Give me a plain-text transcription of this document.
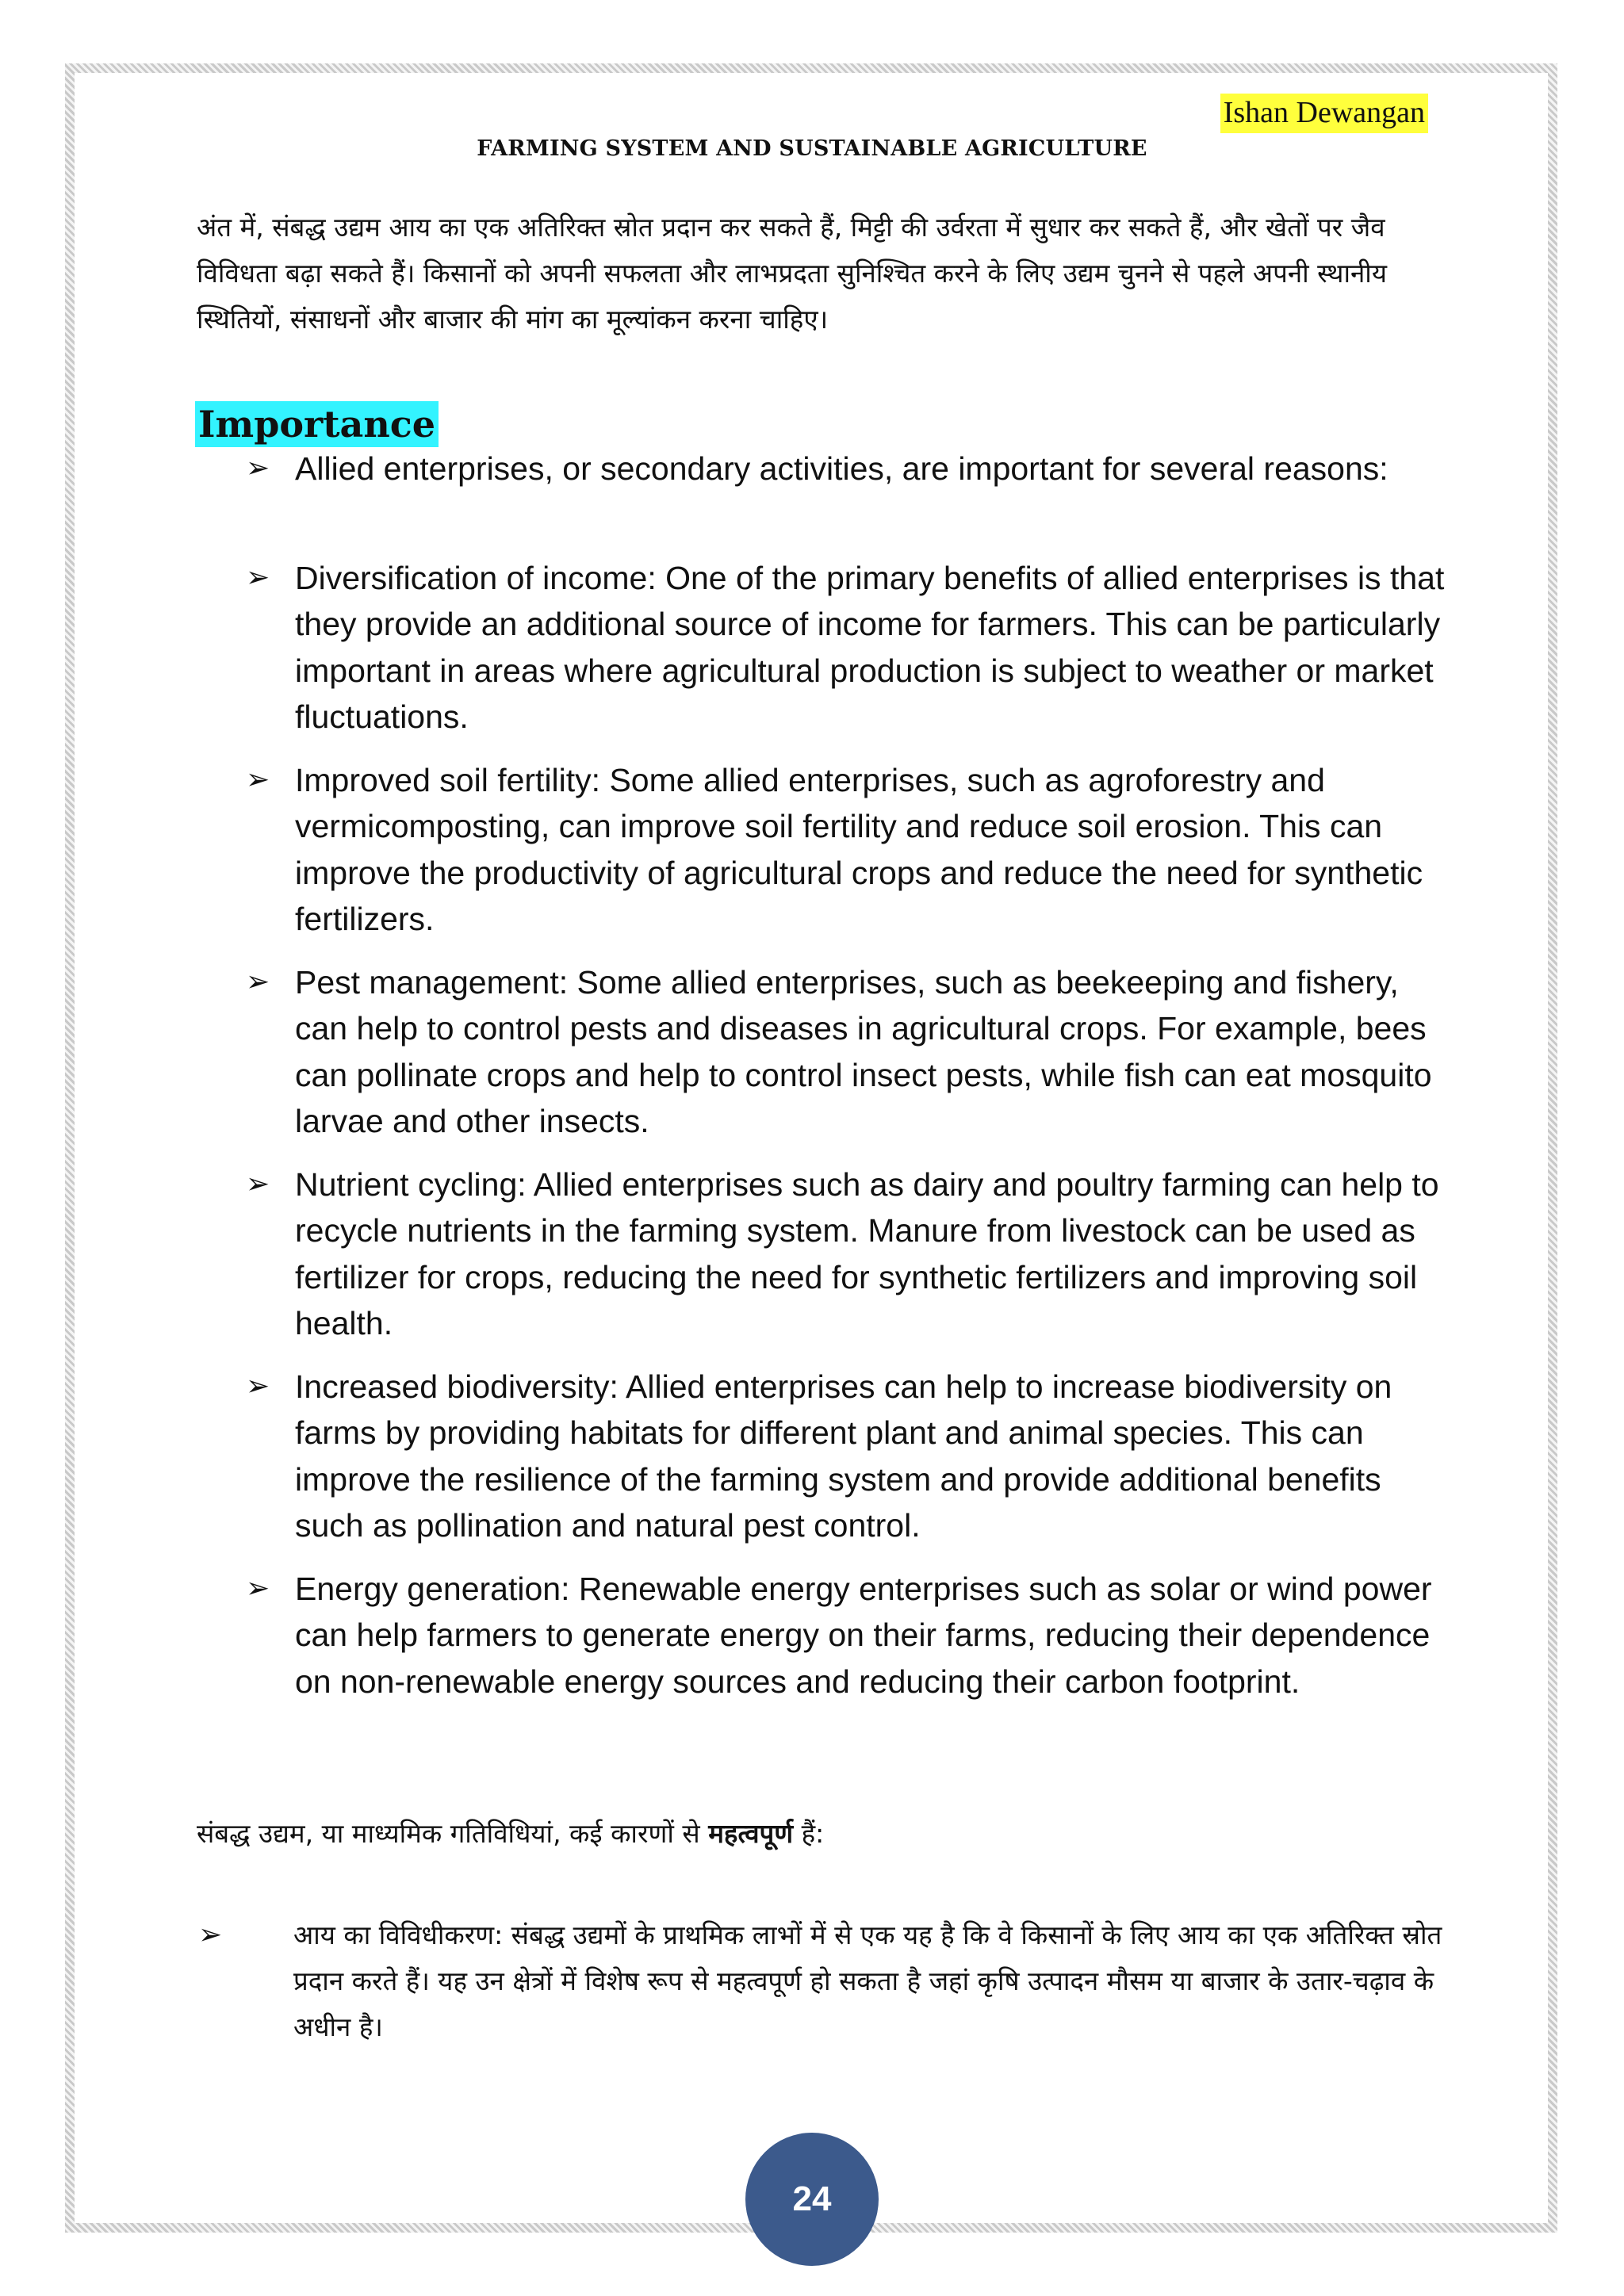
Ishan Dewangan
FARMING SYSTEM AND SUSTAINABLE AGRICULTURE
अंत में, संबद्ध उद्यम आय का एक अतिरिक्त स्रोत प्रदान कर सकते हैं, मिट्टी की उर्वरता में सुधार कर सकते हैं, और खेतों पर जैव विविधता बढ़ा सकते हैं। किसानों को अपनी सफलता और लाभप्रदता सुनिश्चित करने के लिए उद्यम चुनने से पहले अपनी स्थानीय स्थितियों, संसाधनों और बाजार की मांग का मूल्यांकन करना चाहिए।
Importance
➢ Allied enterprises, or secondary activities, are important for several reasons:
➢ Diversification of income: One of the primary benefits of allied enterprises is that they provide an additional source of income for farmers. This can be particularly important in areas where agricultural production is subject to weather or market fluctuations.
➢ Improved soil fertility: Some allied enterprises, such as agroforestry and vermicomposting, can improve soil fertility and reduce soil erosion. This can improve the productivity of agricultural crops and reduce the need for synthetic fertilizers.
➢ Pest management: Some allied enterprises, such as beekeeping and fishery, can help to control pests and diseases in agricultural crops. For example, bees can pollinate crops and help to control insect pests, while fish can eat mosquito larvae and other insects.
➢ Nutrient cycling: Allied enterprises such as dairy and poultry farming can help to recycle nutrients in the farming system. Manure from livestock can be used as fertilizer for crops, reducing the need for synthetic fertilizers and improving soil health.
➢ Increased biodiversity: Allied enterprises can help to increase biodiversity on farms by providing habitats for different plant and animal species. This can improve the resilience of the farming system and provide additional benefits such as pollination and natural pest control.
➢ Energy generation: Renewable energy enterprises such as solar or wind power can help farmers to generate energy on their farms, reducing their dependence on non-renewable energy sources and reducing their carbon footprint.
संबद्ध उद्यम, या माध्यमिक गतिविधियां, कई कारणों से महत्वपूर्ण हैं:
➢	आय का विविधीकरण: संबद्ध उद्यमों के प्राथमिक लाभों में से एक यह है कि वे किसानों के लिए आय का एक अतिरिक्त स्रोत प्रदान करते हैं। यह उन क्षेत्रों में विशेष रूप से महत्वपूर्ण हो सकता है जहां कृषि उत्पादन मौसम या बाजार के उतार-चढ़ाव के अधीन है।
24
